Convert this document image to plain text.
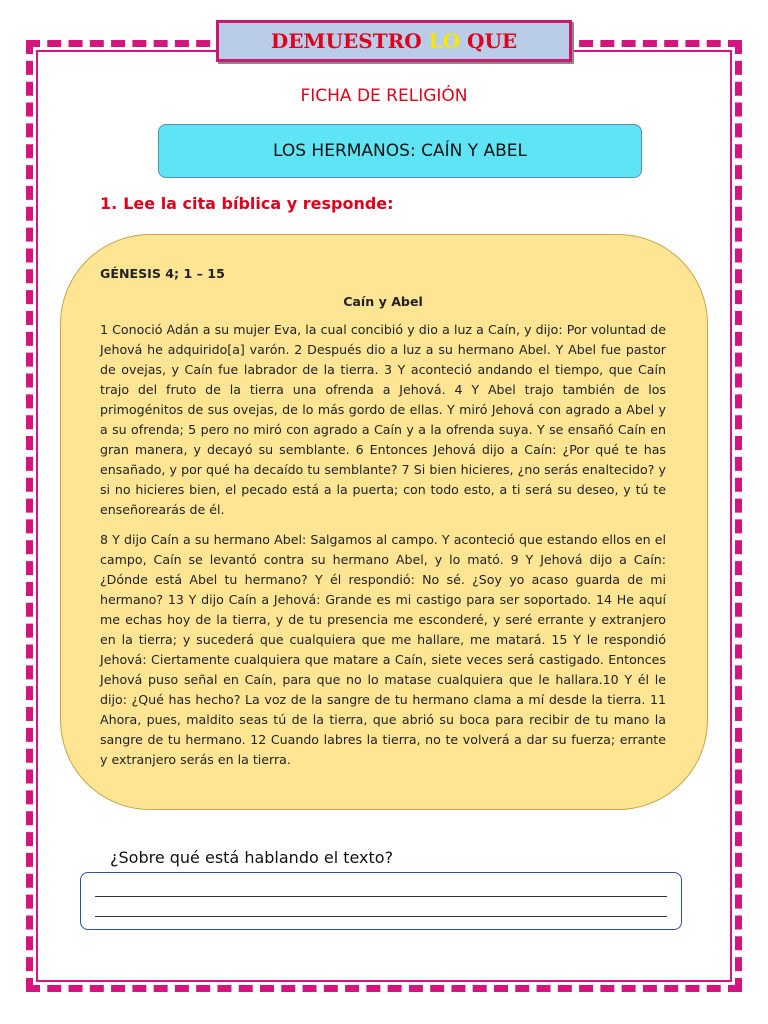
DEMUESTRO LO QUE
FICHA DE RELIGIÓN
LOS HERMANOS: CAÍN Y ABEL
1. Lee la cita bíblica y responde:
GÉNESIS 4; 1 – 15
Caín y Abel

1 Conoció Adán a su mujer Eva, la cual concibió y dio a luz a Caín, y dijo: Por voluntad de Jehová he adquirido[a] varón. 2 Después dio a luz a su hermano Abel. Y Abel fue pastor de ovejas, y Caín fue labrador de la tierra. 3 Y aconteció andando el tiempo, que Caín trajo del fruto de la tierra una ofrenda a Jehová. 4 Y Abel trajo también de los primogénitos de sus ovejas, de lo más gordo de ellas. Y miró Jehová con agrado a Abel y a su ofrenda; 5 pero no miró con agrado a Caín y a la ofrenda suya. Y se ensañó Caín en gran manera, y decayó su semblante. 6 Entonces Jehová dijo a Caín: ¿Por qué te has ensañado, y por qué ha decaído tu semblante? 7 Si bien hicieres, ¿no serás enaltecido? y si no hicieres bien, el pecado está a la puerta; con todo esto, a ti será su deseo, y tú te enseñorearás de él.

8 Y dijo Caín a su hermano Abel: Salgamos al campo. Y aconteció que estando ellos en el campo, Caín se levantó contra su hermano Abel, y lo mató. 9 Y Jehová dijo a Caín: ¿Dónde está Abel tu hermano? Y él respondió: No sé. ¿Soy yo acaso guarda de mi hermano? 13 Y dijo Caín a Jehová: Grande es mi castigo para ser soportado. 14 He aquí me echas hoy de la tierra, y de tu presencia me esconderé, y seré errante y extranjero en la tierra; y sucederá que cualquiera que me hallare, me matará. 15 Y le respondió Jehová: Ciertamente cualquiera que matare a Caín, siete veces será castigado. Entonces Jehová puso señal en Caín, para que no lo matase cualquiera que le hallara.10 Y él le dijo: ¿Qué has hecho? La voz de la sangre de tu hermano clama a mí desde la tierra. 11 Ahora, pues, maldito seas tú de la tierra, que abrió su boca para recibir de tu mano la sangre de tu hermano. 12 Cuando labres la tierra, no te volverá a dar su fuerza; errante y extranjero serás en la tierra.

¿Sobre qué está hablando el texto?
